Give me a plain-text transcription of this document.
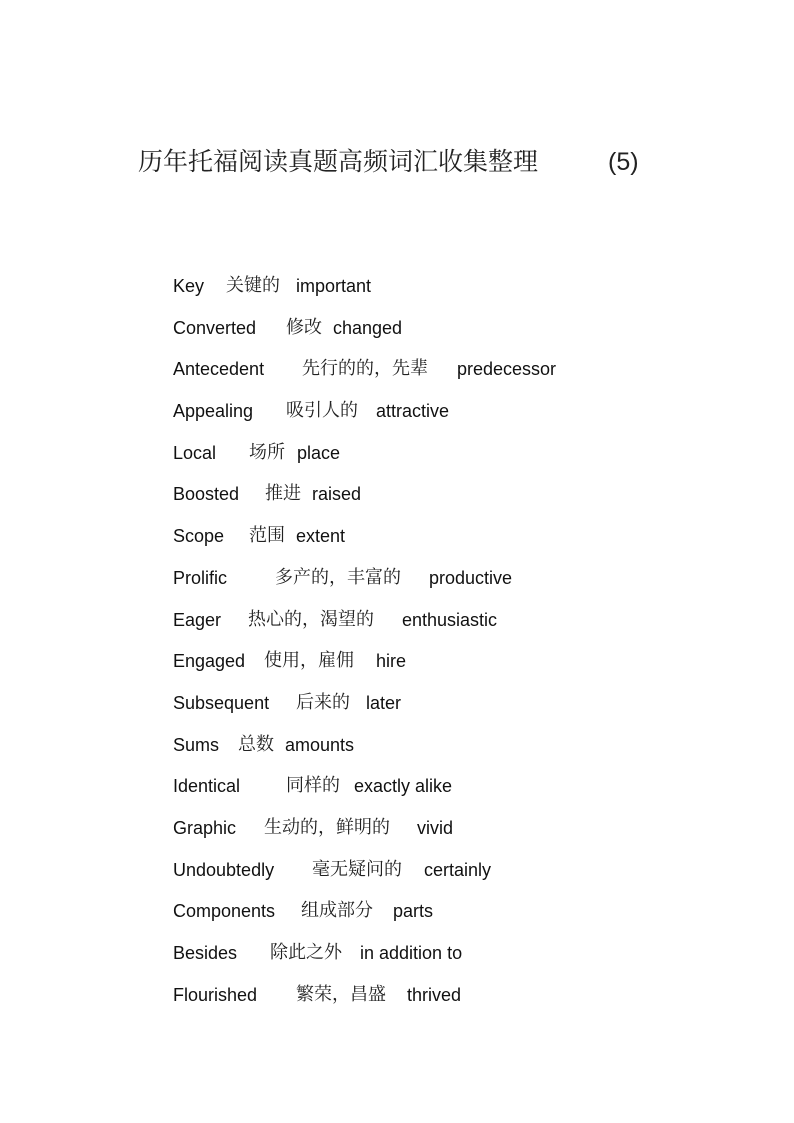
历年托福阅读真题高频词汇收集整理	(5)
Key 关键的 important
Converted 修改 changed
Antecedent 先行的的，先辈 predecessor
Appealing 吸引人的 attractive
Local 场所 place
Boosted 推进 raised
Scope 范围 extent
Prolific	多产的，丰富的 productive
Eager 热心的，渴望的 enthusiastic
Engaged 使用，雇佣 hire
Subsequent 后来的 later
Sums 总数 amounts
Identical	同样的 exactly alike
Graphic 生动的，鲜明的 vivid
Undoubtedly 毫无疑问的 certainly
Components 组成部分 parts
Besides 除此之外 in addition to
Flourished 繁荣，昌盛 thrived
